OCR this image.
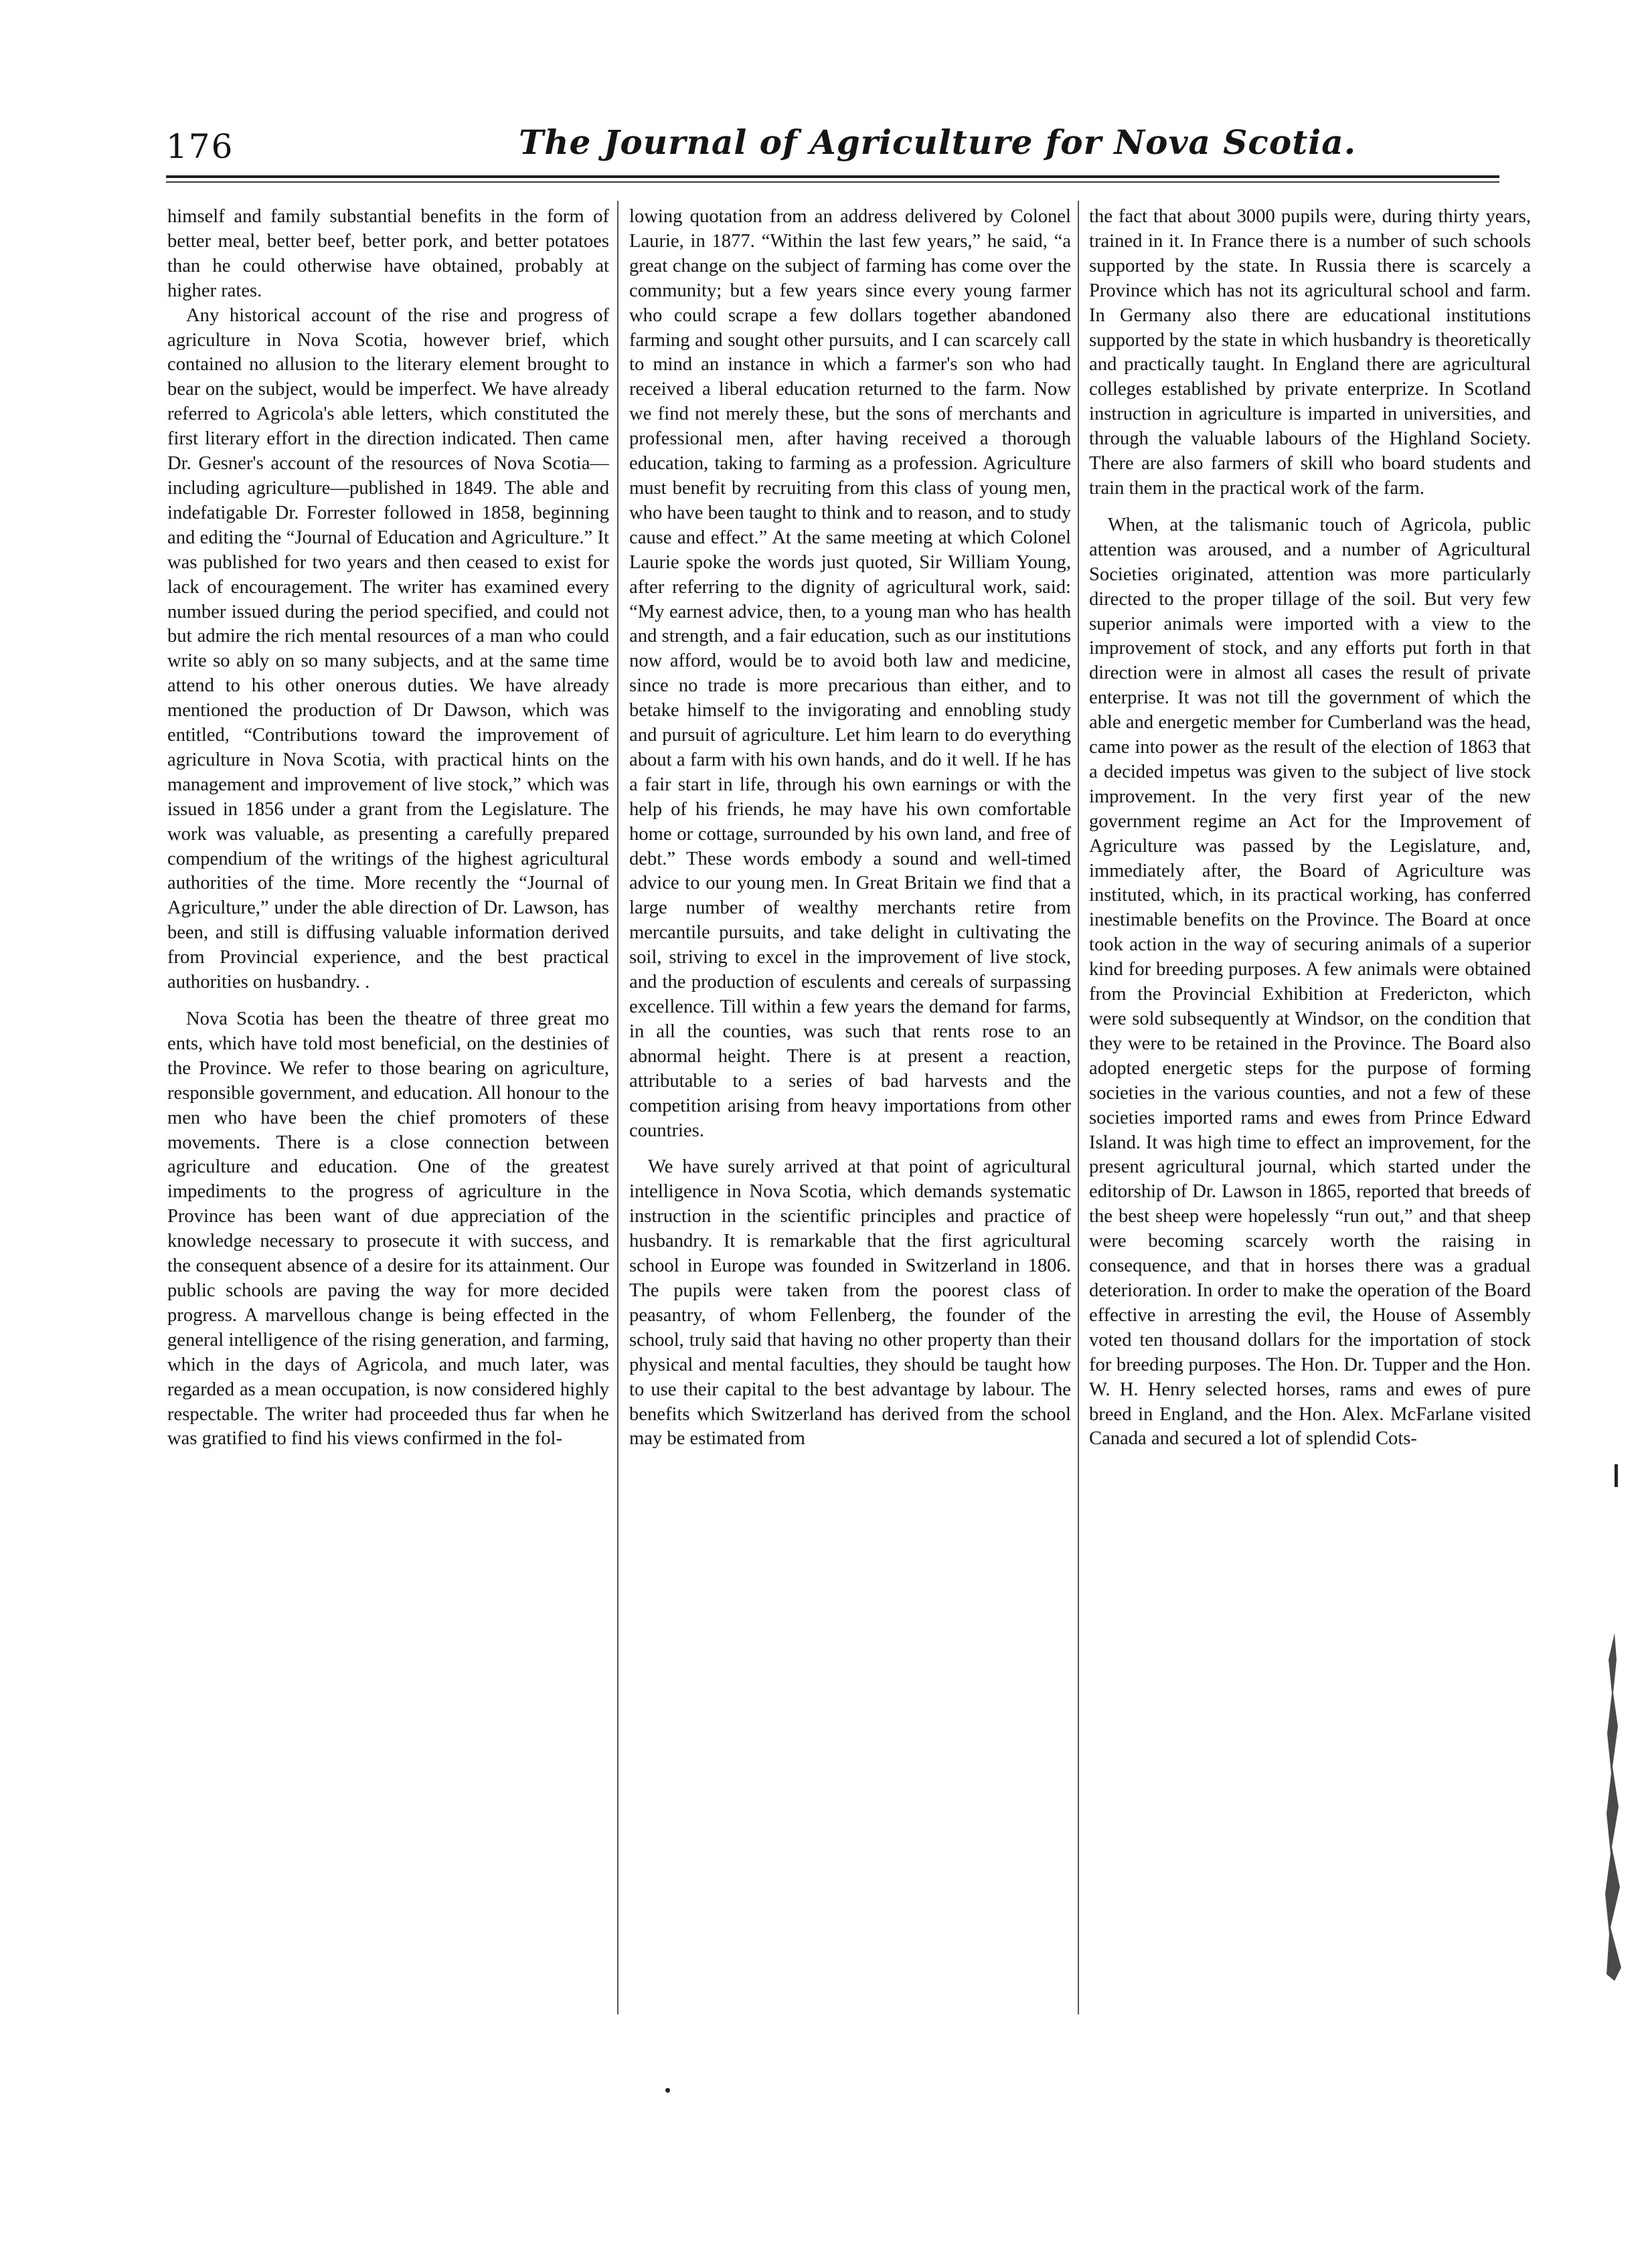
176	The Journal of Agriculture for Nova Scotia.

himself and family substantial benefits in the form of better meal, better beef, better pork, and better potatoes than he could otherwise have obtained, probably at higher rates.

Any historical account of the rise and progress of agriculture in Nova Scotia, however brief, which contained no allusion to the literary element brought to bear on the subject, would be imperfect. We have already referred to Agricola's able letters, which constituted the first literary effort in the direction indicated. Then came Dr. Gesner's account of the resources of Nova Scotia—including agriculture—published in 1849. The able and indefatigable Dr. Forrester followed in 1858, beginning and editing the “Journal of Education and Agriculture.” It was published for two years and then ceased to exist for lack of encouragement. The writer has examined every number issued during the period specified, and could not but admire the rich mental resources of a man who could write so ably on so many subjects, and at the same time attend to his other onerous duties. We have already mentioned the production of Dr Dawson, which was entitled, “Contributions toward the improvement of agriculture in Nova Scotia, with practical hints on the management and improvement of live stock,” which was issued in 1856 under a grant from the Legislature. The work was valuable, as presenting a carefully prepared compendium of the writings of the highest agricultural authorities of the time. More recently the “Journal of Agriculture,” under the able direction of Dr. Lawson, has been, and still is diffusing valuable information derived from Provincial experience, and the best practical authorities on husbandry. .

Nova Scotia has been the theatre of three great mo ents, which have told most beneficial, on the destinies of the Province. We refer to those bearing on agriculture, responsible government, and education. All honour to the men who have been the chief promoters of these movements. There is a close connection between agriculture and education. One of the greatest impediments to the progress of agriculture in the Province has been want of due appreciation of the knowledge necessary to prosecute it with success, and the consequent absence of a desire for its attainment. Our public schools are paving the way for more decided progress. A marvellous change is being effected in the general intelligence of the rising generation, and farming, which in the days of Agricola, and much later, was regarded as a mean occupation, is now considered highly respectable. The writer had proceeded thus far when he was gratified to find his views confirmed in the fol-

lowing quotation from an address delivered by Colonel Laurie, in 1877. “Within the last few years,” he said, “a great change on the subject of farming has come over the community; but a few years since every young farmer who could scrape a few dollars together abandoned farming and sought other pursuits, and I can scarcely call to mind an instance in which a farmer's son who had received a liberal education returned to the farm. Now we find not merely these, but the sons of merchants and professional men, after having received a thorough education, taking to farming as a profession. Agriculture must benefit by recruiting from this class of young men, who have been taught to think and to reason, and to study cause and effect.” At the same meeting at which Colonel Laurie spoke the words just quoted, Sir William Young, after referring to the dignity of agricultural work, said: “My earnest advice, then, to a young man who has health and strength, and a fair education, such as our institutions now afford, would be to avoid both law and medicine, since no trade is more precarious than either, and to betake himself to the invigorating and ennobling study and pursuit of agriculture. Let him learn to do everything about a farm with his own hands, and do it well. If he has a fair start in life, through his own earnings or with the help of his friends, he may have his own comfortable home or cottage, surrounded by his own land, and free of debt.” These words embody a sound and well-timed advice to our young men. In Great Britain we find that a large number of wealthy merchants retire from mercantile pursuits, and take delight in cultivating the soil, striving to excel in the improvement of live stock, and the production of esculents and cereals of surpassing excellence. Till within a few years the demand for farms, in all the counties, was such that rents rose to an abnormal height. There is at present a reaction, attributable to a series of bad harvests and the competition arising from heavy importations from other countries.

We have surely arrived at that point of agricultural intelligence in Nova Scotia, which demands systematic instruction in the scientific principles and practice of husbandry. It is remarkable that the first agricultural school in Europe was founded in Switzerland in 1806. The pupils were taken from the poorest class of peasantry, of whom Fellenberg, the founder of the school, truly said that having no other property than their physical and mental faculties, they should be taught how to use their capital to the best advantage by labour. The benefits which Switzerland has derived from the school may be estimated from

the fact that about 3000 pupils were, during thirty years, trained in it. In France there is a number of such schools supported by the state. In Russia there is scarcely a Province which has not its agricultural school and farm. In Germany also there are educational institutions supported by the state in which husbandry is theoretically and practically taught. In England there are agricultural colleges established by private enterprize. In Scotland instruction in agriculture is imparted in universities, and through the valuable labours of the Highland Society. There are also farmers of skill who board students and train them in the practical work of the farm.

When, at the talismanic touch of Agricola, public attention was aroused, and a number of Agricultural Societies originated, attention was more particularly directed to the proper tillage of the soil. But very few superior animals were imported with a view to the improvement of stock, and any efforts put forth in that direction were in almost all cases the result of private enterprise. It was not till the government of which the able and energetic member for Cumberland was the head, came into power as the result of the election of 1863 that a decided impetus was given to the subject of live stock improvement. In the very first year of the new government regime an Act for the Improvement of Agriculture was passed by the Legislature, and, immediately after, the Board of Agriculture was instituted, which, in its practical working, has conferred inestimable benefits on the Province. The Board at once took action in the way of securing animals of a superior kind for breeding purposes. A few animals were obtained from the Provincial Exhibition at Fredericton, which were sold subsequently at Windsor, on the condition that they were to be retained in the Province. The Board also adopted energetic steps for the purpose of forming societies in the various counties, and not a few of these societies imported rams and ewes from Prince Edward Island. It was high time to effect an improvement, for the present agricultural journal, which started under the editorship of Dr. Lawson in 1865, reported that breeds of the best sheep were hopelessly “run out,” and that sheep were becoming scarcely worth the raising in consequence, and that in horses there was a gradual deterioration. In order to make the operation of the Board effective in arresting the evil, the House of Assembly voted ten thousand dollars for the importation of stock for breeding purposes. The Hon. Dr. Tupper and the Hon. W. H. Henry selected horses, rams and ewes of pure breed in England, and the Hon. Alex. McFarlane visited Canada and secured a lot of splendid Cots-
